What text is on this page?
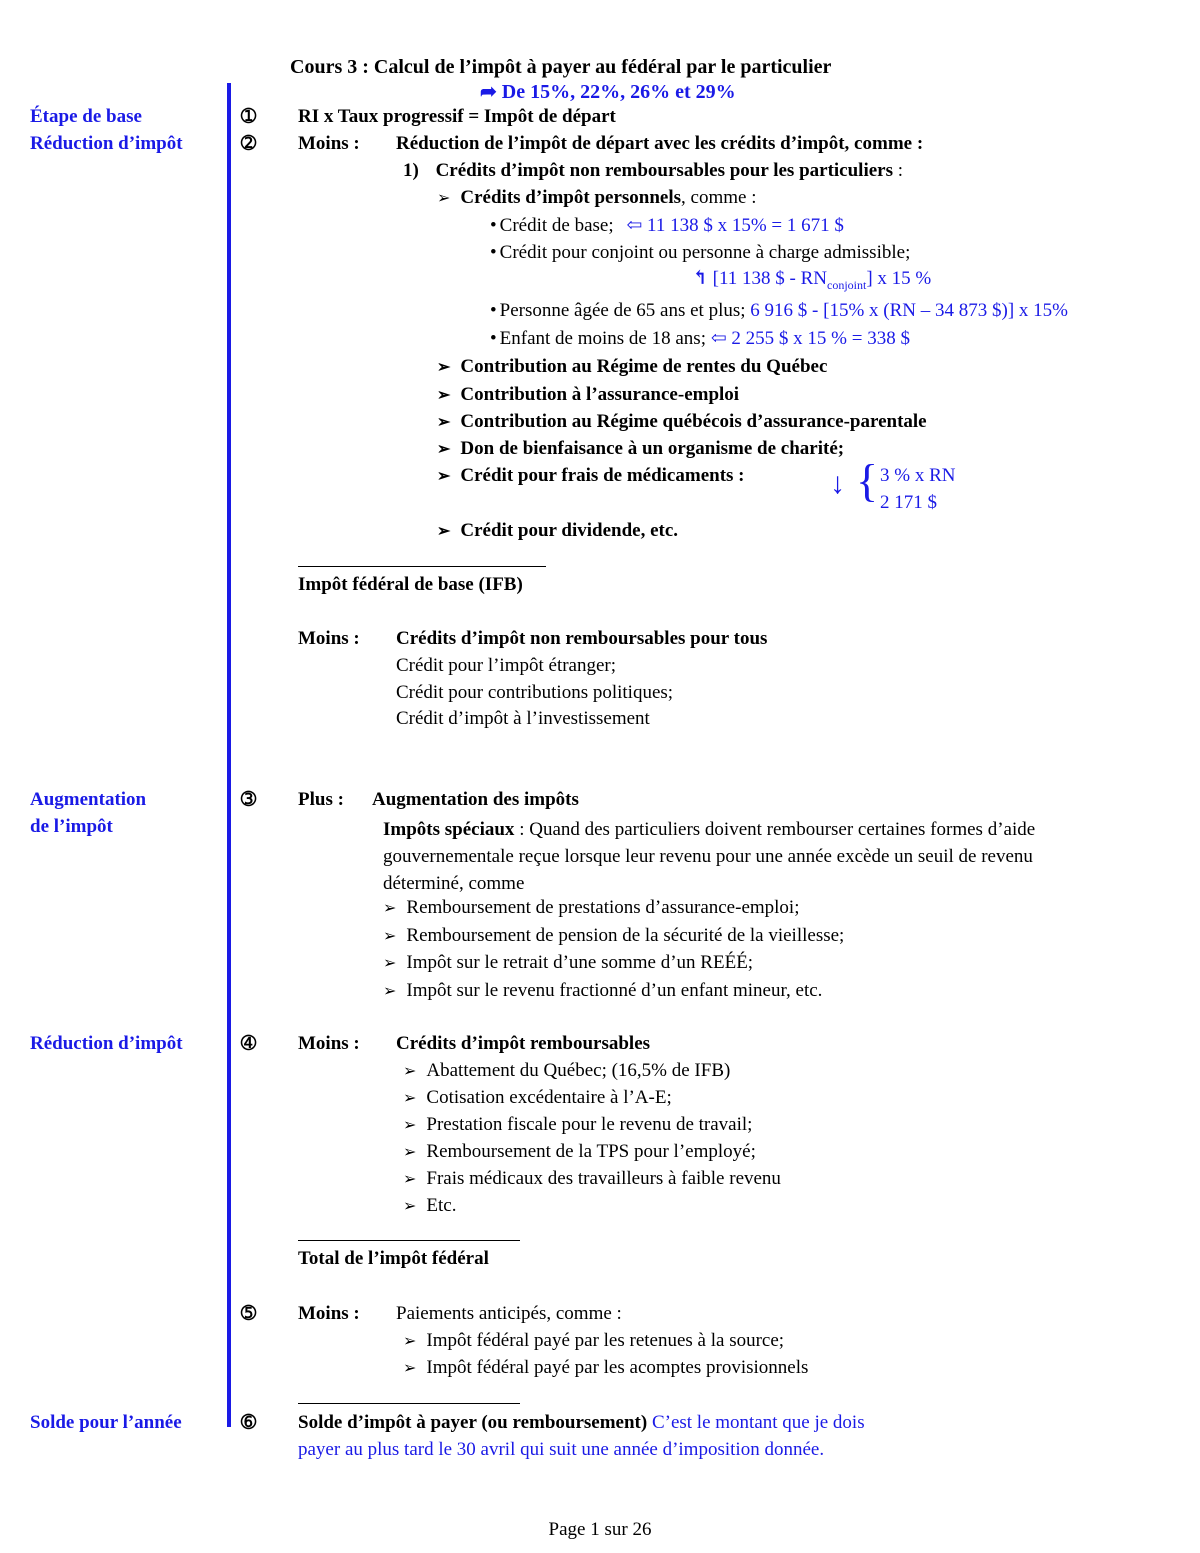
Cours 3 : Calcul de l’impôt à payer au fédéral par le particulier
➦ De 15%, 22%, 26% et 29%
Étape de base
Réduction d’impôt
Augmentation
de l’impôt
Réduction d’impôt
Solde pour l’année
➀
➁
➂
➃
➄
➅
RI x Taux progressif = Impôt de départ
Moins : Réduction de l’impôt de départ avec les crédits d’impôt, comme :
1) Crédits d’impôt non remboursables pour les particuliers :
➢ Crédits d’impôt personnels, comme :
• Crédit de base; ⇦ 11 138 $ x 15% = 1 671 $
• Crédit pour conjoint ou personne à charge admissible;
↰ [11 138 $ - $RN_{conjoint}$] x 15 %
• Personne âgée de 65 ans et plus; 6 916 $ - [15% x (RN – 34 873 $)] x 15%
• Enfant de moins de 18 ans; ⇦ 2 255 $ x 15 % = 338 $
➢ Contribution au Régime de rentes du Québec
➢ Contribution à l’assurance-emploi
➢ Contribution au Régime québécois d’assurance-parentale
➢ Don de bienfaisance à un organisme de charité;
➢ Crédit pour frais de médicaments :	↓ { 3 % x RN
2 171 $
➢ Crédit pour dividende, etc.
Impôt fédéral de base (IFB)
Moins : Crédits d’impôt non remboursables pour tous
Crédit pour l’impôt étranger;
Crédit pour contributions politiques;
Crédit d’impôt à l’investissement
Plus : Augmentation des impôts
Impôts spéciaux : Quand des particuliers doivent rembourser certaines formes d’aide gouvernementale reçue lorsque leur revenu pour une année excède un seuil de revenu déterminé, comme
➢ Remboursement de prestations d’assurance-emploi;
➢ Remboursement de pension de la sécurité de la vieillesse;
➢ Impôt sur le retrait d’une somme d’un REÉÉ;
➢ Impôt sur le revenu fractionné d’un enfant mineur, etc.
Moins : Crédits d’impôt remboursables
➢ Abattement du Québec; (16,5% de IFB)
➢ Cotisation excédentaire à l’A-E;
➢ Prestation fiscale pour le revenu de travail;
➢ Remboursement de la TPS pour l’employé;
➢ Frais médicaux des travailleurs à faible revenu
➢ Etc.
Total de l’impôt fédéral
Moins : Paiements anticipés, comme :
➢ Impôt fédéral payé par les retenues à la source;
➢ Impôt fédéral payé par les acomptes provisionnels
Solde d’impôt à payer (ou remboursement) C’est le montant que je dois
payer au plus tard le 30 avril qui suit une année d’imposition donnée.
Page 1 sur 26
